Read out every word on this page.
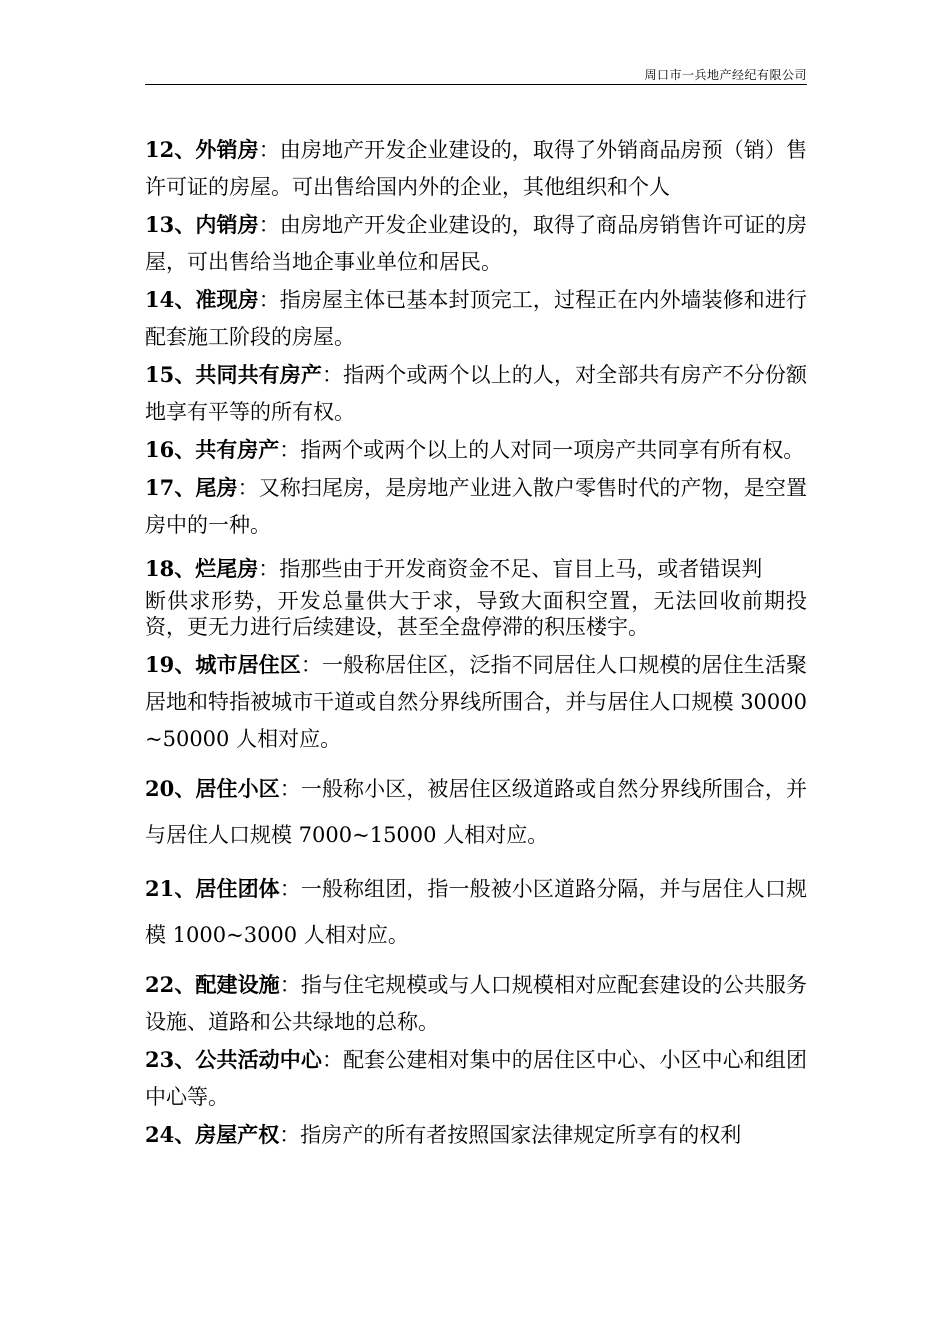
周口市一兵地产经纪有限公司

12、外销房：由房地产开发企业建设的，取得了外销商品房预（销）售许可证的房屋。可出售给国内外的企业，其他组织和个人

13、内销房：由房地产开发企业建设的，取得了商品房销售许可证的房屋，可出售给当地企事业单位和居民。

14、准现房：指房屋主体已基本封顶完工，过程正在内外墙装修和进行配套施工阶段的房屋。

15、共同共有房产：指两个或两个以上的人，对全部共有房产不分份额地享有平等的所有权。

16、共有房产：指两个或两个以上的人对同一项房产共同享有所有权。

17、尾房：又称扫尾房，是房地产业进入散户零售时代的产物，是空置房中的一种。

18、烂尾房：指那些由于开发商资金不足、盲目上马，或者错误判
断供求形势，开发总量供大于求，导致大面积空置，无法回收前期投资，更无力进行后续建设，甚至全盘停滞的积压楼宇。

19、城市居住区：一般称居住区，泛指不同居住人口规模的居住生活聚居地和特指被城市干道或自然分界线所围合，并与居住人口规模 30000~50000 人相对应。

20、居住小区：一般称小区，被居住区级道路或自然分界线所围合，并与居住人口规模 7000~15000 人相对应。

21、居住团体：一般称组团，指一般被小区道路分隔，并与居住人口规模 1000~3000 人相对应。

22、配建设施：指与住宅规模或与人口规模相对应配套建设的公共服务设施、道路和公共绿地的总称。

23、公共活动中心：配套公建相对集中的居住区中心、小区中心和组团中心等。

24、房屋产权：指房产的所有者按照国家法律规定所享有的权利
